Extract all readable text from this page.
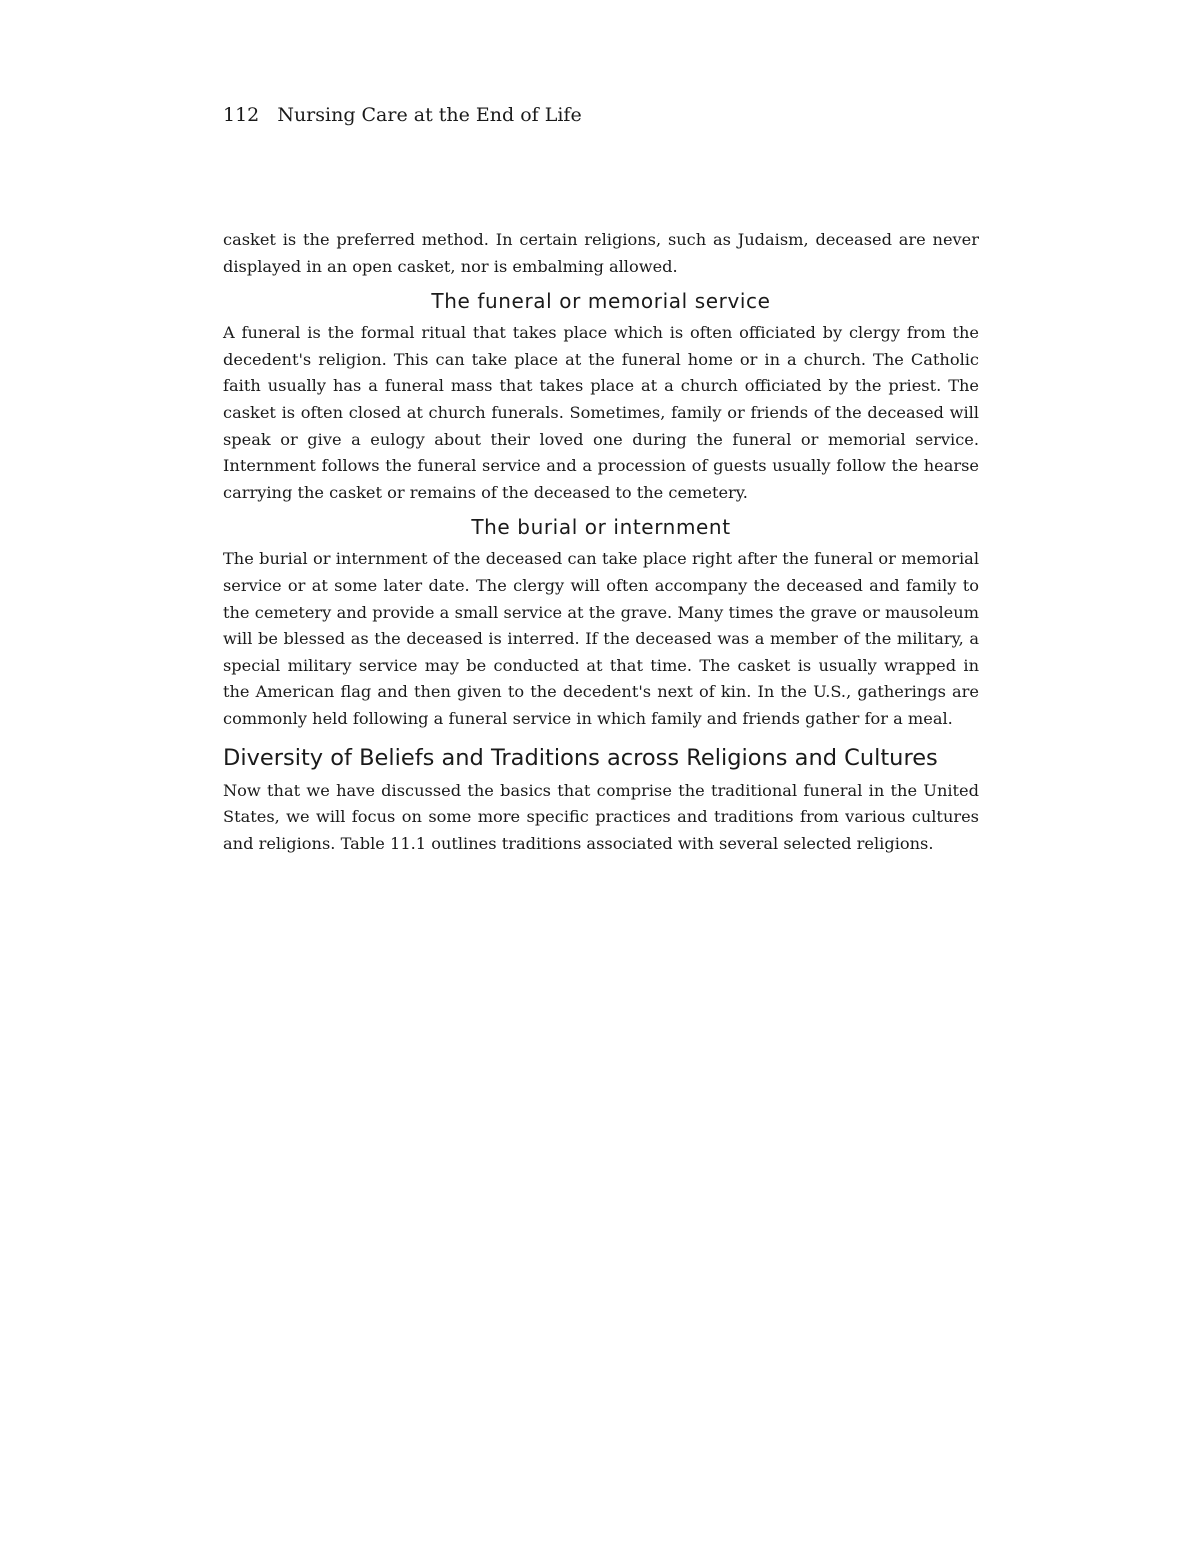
112 Nursing Care at the End of Life

casket is the preferred method. In certain religions, such as Judaism, deceased are never displayed in an open casket, nor is embalming allowed.

The funeral or memorial service

A funeral is the formal ritual that takes place which is often officiated by clergy from the decedent's religion. This can take place at the funeral home or in a church. The Catholic faith usually has a funeral mass that takes place at a church officiated by the priest. The casket is often closed at church funerals. Sometimes, family or friends of the deceased will speak or give a eulogy about their loved one during the funeral or memorial service. Internment follows the funeral service and a procession of guests usually follow the hearse carrying the casket or remains of the deceased to the cemetery.

The burial or internment

The burial or internment of the deceased can take place right after the funeral or memorial service or at some later date. The clergy will often accompany the deceased and family to the cemetery and provide a small service at the grave. Many times the grave or mausoleum will be blessed as the deceased is interred. If the deceased was a member of the military, a special military service may be conducted at that time. The casket is usually wrapped in the American flag and then given to the decedent's next of kin. In the U.S., gatherings are commonly held following a funeral service in which family and friends gather for a meal.

Diversity of Beliefs and Traditions across Religions and Cultures

Now that we have discussed the basics that comprise the traditional funeral in the United States, we will focus on some more specific practices and traditions from various cultures and religions. Table 11.1 outlines traditions associated with several selected religions.
